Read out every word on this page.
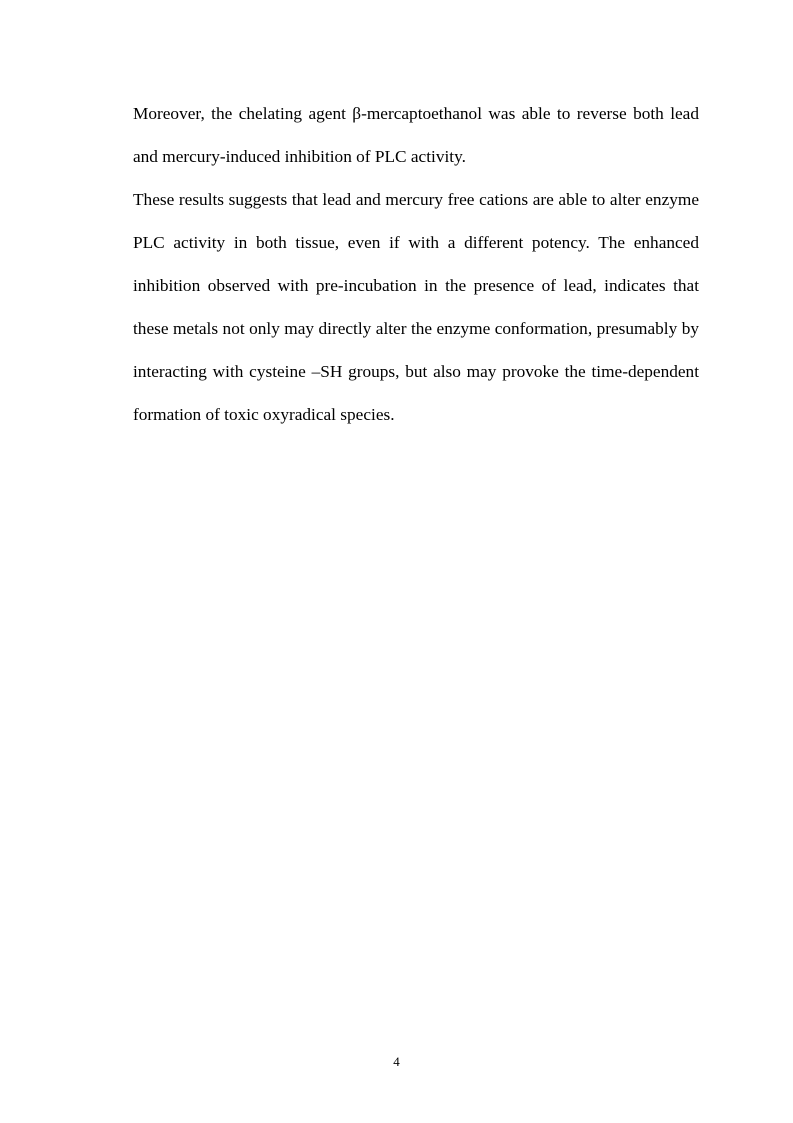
Moreover, the chelating agent β-mercaptoethanol was able to reverse both lead and mercury-induced inhibition of PLC activity.

These results suggests that lead and mercury free cations are able to alter enzyme PLC activity in both tissue, even if with a different potency. The enhanced inhibition observed with pre-incubation in the presence of lead, indicates that these metals not only may directly alter the enzyme conformation, presumably by interacting with cysteine –SH groups, but also may provoke the time-dependent formation of toxic oxyradical species.

4
